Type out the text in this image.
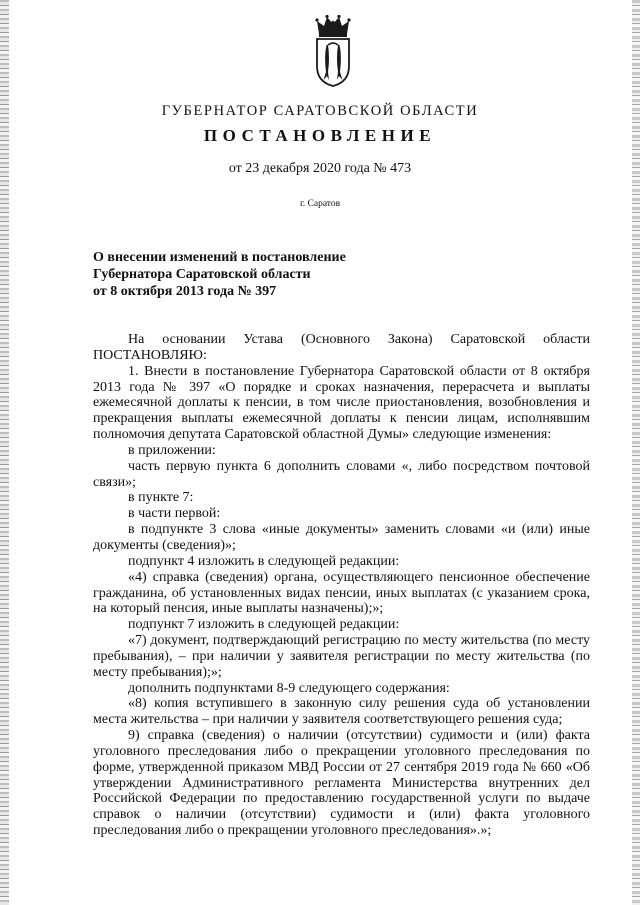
ГУБЕРНАТОР САРАТОВСКОЙ ОБЛАСТИ
ПОСТАНОВЛЕНИЕ
от 23 декабря 2020 года № 473
г. Саратов
О внесении изменений в постановление
Губернатора Саратовской области
от 8 октября 2013 года № 397
На основании Устава (Основного Закона) Саратовской области
ПОСТАНОВЛЯЮ:
1. Внести в постановление Губернатора Саратовской области от 8 октября 2013 года № 397 «О порядке и сроках назначения, перерасчета и выплаты ежемесячной доплаты к пенсии, в том числе приостановления, возобновления и прекращения выплаты ежемесячной доплаты к пенсии лицам, исполнявшим полномочия депутата Саратовской областной Думы» следующие изменения:
в приложении:
часть первую пункта 6 дополнить словами «, либо посредством почтовой связи»;
в пункте 7:
в части первой:
в подпункте 3 слова «иные документы» заменить словами «и (или) иные документы (сведения)»;
подпункт 4 изложить в следующей редакции:
«4) справка (сведения) органа, осуществляющего пенсионное обеспечение гражданина, об установленных видах пенсии, иных выплатах (с указанием срока, на который пенсия, иные выплаты назначены);»;
подпункт 7 изложить в следующей редакции:
«7) документ, подтверждающий регистрацию по месту жительства (по месту пребывания), – при наличии у заявителя регистрации по месту жительства (по месту пребывания);»;
дополнить подпунктами 8-9 следующего содержания:
«8) копия вступившего в законную силу решения суда об установлении места жительства – при наличии у заявителя соответствующего решения суда;
9) справка (сведения) о наличии (отсутствии) судимости и (или) факта уголовного преследования либо о прекращении уголовного преследования по форме, утвержденной приказом МВД России от 27 сентября 2019 года № 660 «Об утверждении Административного регламента Министерства внутренних дел Российской Федерации по предоставлению государственной услуги по выдаче справок о наличии (отсутствии) судимости и (или) факта уголовного преследования либо о прекращении уголовного преследования».»;
